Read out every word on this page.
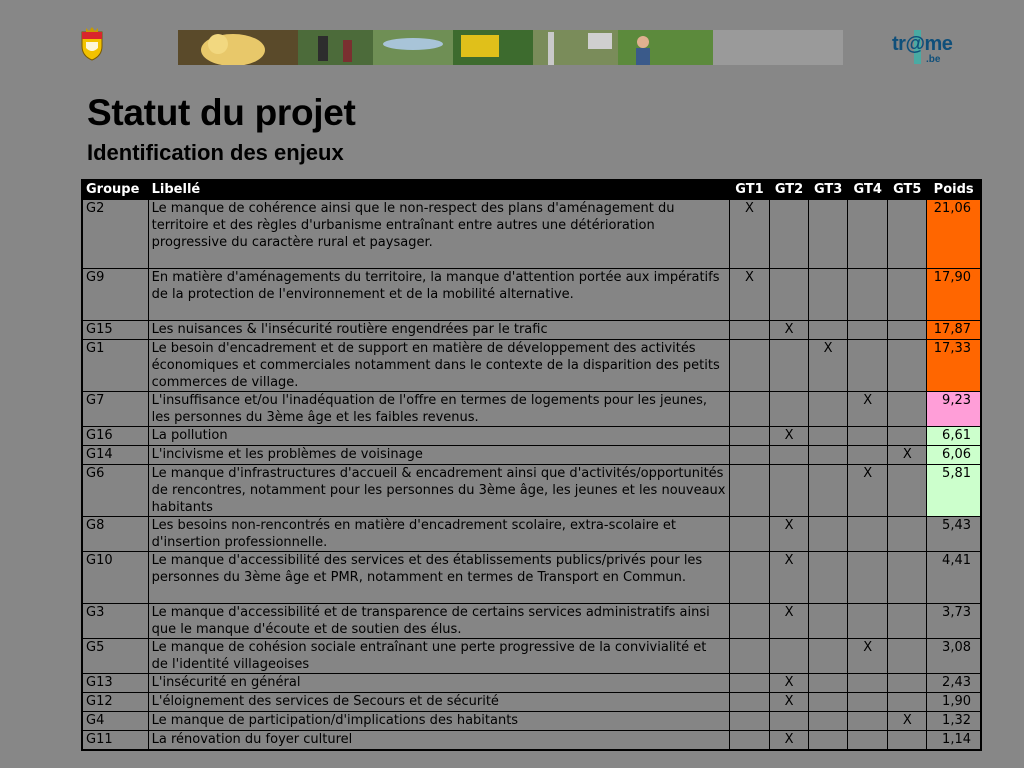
tr@me
.be
Statut du projet
Identification des enjeux
Groupe	Libellé	GT1	GT2	GT3	GT4	GT5	Poids
G2	Le manque de cohérence ainsi que le non-respect des plans d'aménagement du territoire et des règles d'urbanisme entraînant entre autres une détérioration progressive du caractère rural et paysager.	X					21,06
G9	En matière d'aménagements du territoire, la manque d'attention portée aux impératifs de la protection de l'environnement et de la mobilité alternative.	X					17,90
G15	Les nuisances & l'insécurité routière engendrées par le trafic		X				17,87
G1	Le besoin d'encadrement et de support en matière de développement des activités économiques et commerciales notamment dans le contexte de la disparition des petits commerces de village.			X			17,33
G7	L'insuffisance et/ou l'inadéquation de l'offre en termes de logements pour les jeunes, les personnes du 3ème âge et les faibles revenus.				X		9,23
G16	La pollution		X				6,61
G14	L'incivisme et les problèmes de voisinage					X	6,06
G6	Le manque d'infrastructures d'accueil & encadrement ainsi que d'activités/opportunités de rencontres, notamment pour les personnes du 3ème âge, les jeunes et les nouveaux habitants				X		5,81
G8	Les besoins non-rencontrés en matière d'encadrement scolaire, extra-scolaire et d'insertion professionnelle.		X				5,43
G10	Le manque d'accessibilité des services et des établissements publics/privés pour les personnes du 3ème âge et PMR, notamment en termes de Transport en Commun.		X				4,41
G3	Le manque d'accessibilité et de transparence de certains services administratifs ainsi que le manque d'écoute et de soutien des élus.		X				3,73
G5	Le manque de cohésion sociale entraînant une perte progressive de la convivialité et de l'identité villageoises				X		3,08
G13	L'insécurité en général		X				2,43
G12	L'éloignement des services de Secours et de sécurité		X				1,90
G4	Le manque de participation/d'implications des habitants					X	1,32
G11	La rénovation du foyer culturel		X				1,14
